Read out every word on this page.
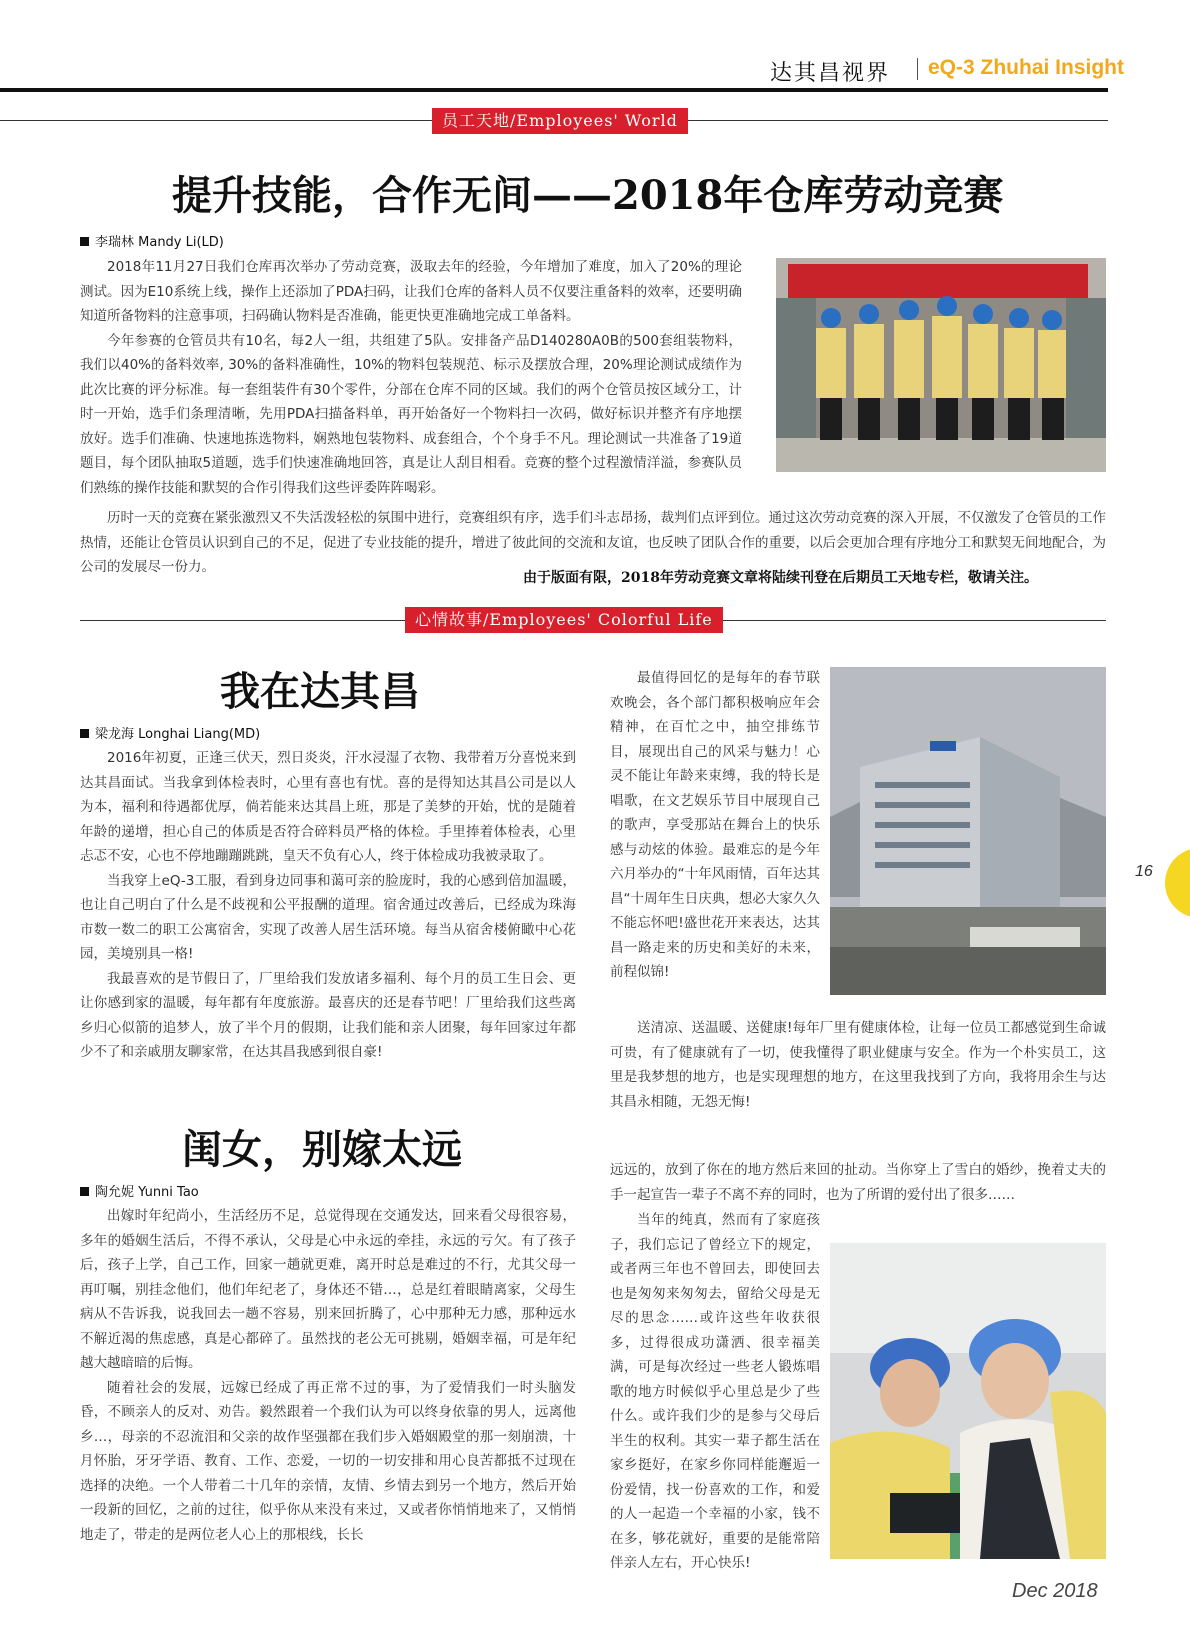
达其昌视界 eQ-3 Zhuhai Insight
员工天地/Employees' World
提升技能，合作无间——2018年仓库劳动竞赛
李瑞林 Mandy Li(LD)

2018年11月27日我们仓库再次举办了劳动竞赛，汲取去年的经验，今年增加了难度，加入了20%的理论测试。因为E10系统上线，操作上还添加了PDA扫码，让我们仓库的备料人员不仅要注重备料的效率，还要明确知道所备物料的注意事项，扫码确认物料是否准确，能更快更准确地完成工单备料。

今年参赛的仓管员共有10名，每2人一组，共组建了5队。安排备产品D140280A0B的500套组装物料，我们以40%的备料效率, 30%的备料准确性，10%的物料包装规范、标示及摆放合理，20%理论测试成绩作为此次比赛的评分标准。每一套组装件有30个零件，分部在仓库不同的区域。我们的两个仓管员按区域分工，计时一开始，选手们条理清晰，先用PDA扫描备料单，再开始备好一个物料扫一次码，做好标识并整齐有序地摆放好。选手们准确、快速地拣选物料，娴熟地包装物料、成套组合，个个身手不凡。理论测试一共准备了19道题目，每个团队抽取5道题，选手们快速准确地回答，真是让人刮目相看。竞赛的整个过程激情洋溢，参赛队员们熟练的操作技能和默契的合作引得我们这些评委阵阵喝彩。

历时一天的竞赛在紧张激烈又不失活泼轻松的氛围中进行，竞赛组织有序，选手们斗志昂扬，裁判们点评到位。通过这次劳动竞赛的深入开展，不仅激发了仓管员的工作热情，还能让仓管员认识到自己的不足，促进了专业技能的提升，增进了彼此间的交流和友谊，也反映了团队合作的重要，以后会更加合理有序地分工和默契无间地配合，为公司的发展尽一份力。

由于版面有限，2018年劳动竞赛文章将陆续刊登在后期员工天地专栏，敬请关注。
心情故事/Employees' Colorful Life
我在达其昌
梁龙海 Longhai Liang(MD)

2016年初夏，正逢三伏天，烈日炎炎，汗水浸湿了衣物、我带着万分喜悦来到达其昌面试。当我拿到体检表时，心里有喜也有忧。喜的是得知达其昌公司是以人为本，福利和待遇都优厚，倘若能来达其昌上班，那是了美梦的开始，忧的是随着年龄的递增，担心自己的体质是否符合碎料员严格的体检。手里捧着体检表，心里忐忑不安，心也不停地蹦蹦跳跳，皇天不负有心人，终于体检成功我被录取了。

当我穿上eQ-3工服，看到身边同事和蔼可亲的脸庞时，我的心感到倍加温暖，也让自己明白了什么是不歧视和公平报酬的道理。宿舍通过改善后，已经成为珠海市数一数二的职工公寓宿舍，实现了改善人居生活环境。每当从宿舍楼俯瞰中心花园，美境别具一格!

我最喜欢的是节假日了，厂里给我们发放诸多福利、每个月的员工生日会、更让你感到家的温暖，每年都有年度旅游。最喜庆的还是春节吧！厂里给我们这些离乡归心似箭的追梦人，放了半个月的假期，让我们能和亲人团聚，每年回家过年都少不了和亲戚朋友聊家常，在达其昌我感到很自豪!

最值得回忆的是每年的春节联欢晚会，各个部门都积极响应年会精神，在百忙之中，抽空排练节目，展现出自己的风采与魅力！心灵不能让年龄来束缚，我的特长是唱歌，在文艺娱乐节目中展现自己的歌声，享受那站在舞台上的快乐感与动炫的体验。最难忘的是今年六月举办的“十年风雨情，百年达其昌“十周年生日庆典，想必大家久久不能忘怀吧!盛世花开来表达，达其昌一路走来的历史和美好的未来，前程似锦!

送清凉、送温暖、送健康!每年厂里有健康体检，让每一位员工都感觉到生命诚可贵，有了健康就有了一切，使我懂得了职业健康与安全。作为一个朴实员工，这里是我梦想的地方，也是实现理想的地方，在这里我找到了方向，我将用余生与达其昌永相随，无怨无悔!

闺女，别嫁太远
陶允妮 Yunni Tao

出嫁时年纪尚小，生活经历不足，总觉得现在交通发达，回来看父母很容易，多年的婚姻生活后，不得不承认，父母是心中永远的牵挂，永远的亏欠。有了孩子后，孩子上学，自己工作，回家一趟就更难，离开时总是难过的不行，尤其父母一再叮嘱，别挂念他们，他们年纪老了，身体还不错…，总是红着眼睛离家，父母生病从不告诉我，说我回去一趟不容易，别来回折腾了，心中那种无力感，那种远水不解近渴的焦虑感，真是心都碎了。虽然找的老公无可挑剔，婚姻幸福，可是年纪越大越暗暗的后悔。

随着社会的发展，远嫁已经成了再正常不过的事，为了爱情我们一时头脑发昏，不顾亲人的反对、劝告。毅然跟着一个我们认为可以终身依靠的男人，远离他乡…，母亲的不忍流泪和父亲的故作坚强都在我们步入婚姻殿堂的那一刻崩溃，十月怀胎，牙牙学语、教育、工作、恋爱，一切的一切安排和用心良苦都抵不过现在选择的决绝。一个人带着二十几年的亲情，友情、乡情去到另一个地方，然后开始一段新的回忆，之前的过往，似乎你从来没有来过，又或者你悄悄地来了，又悄悄地走了，带走的是两位老人心上的那根线，长长

远远的，放到了你在的地方然后来回的扯动。当你穿上了雪白的婚纱，挽着丈夫的手一起宣告一辈子不离不弃的同时，也为了所谓的爱付出了很多……

当年的纯真，然而有了家庭孩子，我们忘记了曾经立下的规定，或者两三年也不曾回去，即使回去也是匆匆来匆匆去，留给父母是无尽的思念……或许这些年收获很多，过得很成功潇洒、很幸福美满，可是每次经过一些老人锻炼唱歌的地方时候似乎心里总是少了些什么。或许我们少的是参与父母后半生的权利。其实一辈子都生活在家乡挺好，在家乡你同样能邂逅一份爱情，找一份喜欢的工作，和爱的人一起造一个幸福的小家，钱不在多，够花就好，重要的是能常陪伴亲人左右，开心快乐!

16
Dec 2018
